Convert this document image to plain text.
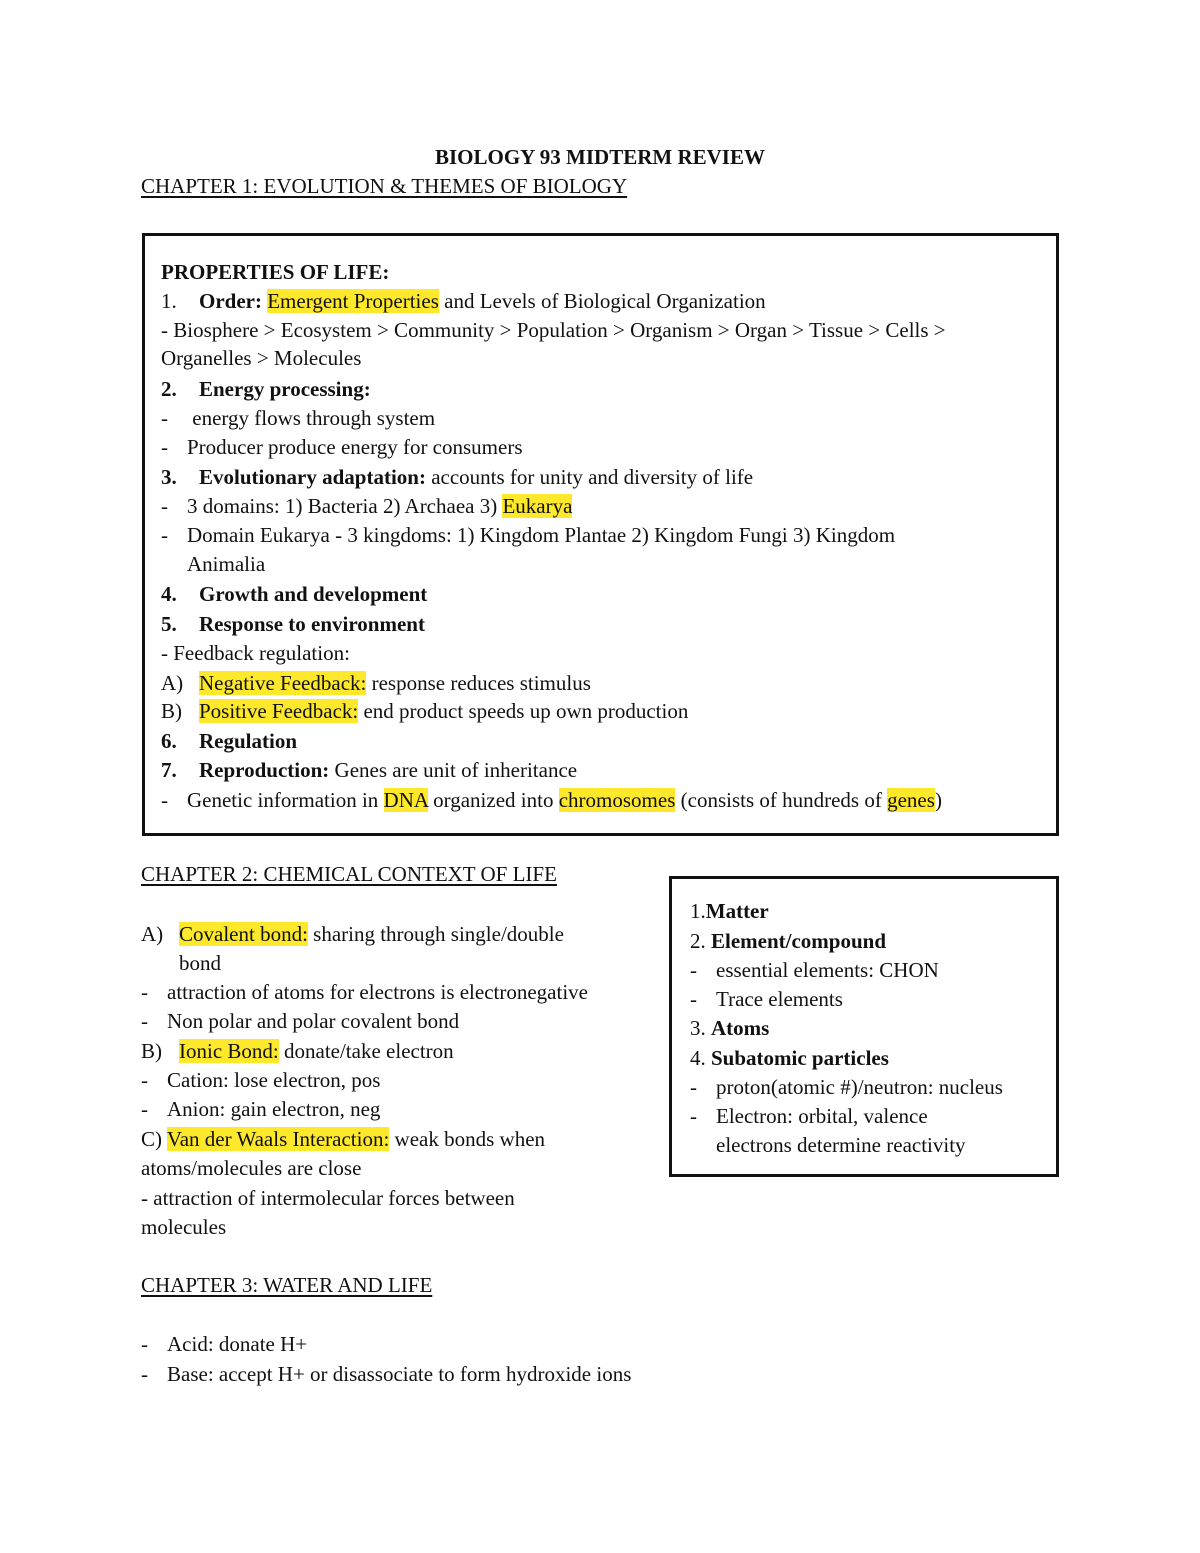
BIOLOGY 93 MIDTERM REVIEW
CHAPTER 1: EVOLUTION & THEMES OF BIOLOGY
PROPERTIES OF LIFE:
1. Order: Emergent Properties and Levels of Biological Organization
- Biosphere > Ecosystem > Community > Population > Organism > Organ > Tissue > Cells >
Organelles > Molecules
2. Energy processing:
- energy flows through system
- Producer produce energy for consumers
3. Evolutionary adaptation: accounts for unity and diversity of life
- 3 domains: 1) Bacteria 2) Archaea 3) Eukarya
- Domain Eukarya - 3 kingdoms: 1) Kingdom Plantae 2) Kingdom Fungi 3) Kingdom
Animalia
4. Growth and development
5. Response to environment
- Feedback regulation:
A) Negative Feedback: response reduces stimulus
B) Positive Feedback: end product speeds up own production
6. Regulation
7. Reproduction: Genes are unit of inheritance
- Genetic information in DNA organized into chromosomes (consists of hundreds of genes)
CHAPTER 2: CHEMICAL CONTEXT OF LIFE
A) Covalent bond: sharing through single/double
bond
- attraction of atoms for electrons is electronegative
- Non polar and polar covalent bond
B) Ionic Bond: donate/take electron
- Cation: lose electron, pos
- Anion: gain electron, neg
C) Van der Waals Interaction: weak bonds when
atoms/molecules are close
- attraction of intermolecular forces between
molecules
1.Matter
2. Element/compound
- essential elements: CHON
- Trace elements
3. Atoms
4. Subatomic particles
- proton(atomic #)/neutron: nucleus
- Electron: orbital, valence
electrons determine reactivity
CHAPTER 3: WATER AND LIFE
- Acid: donate H+
- Base: accept H+ or disassociate to form hydroxide ions
